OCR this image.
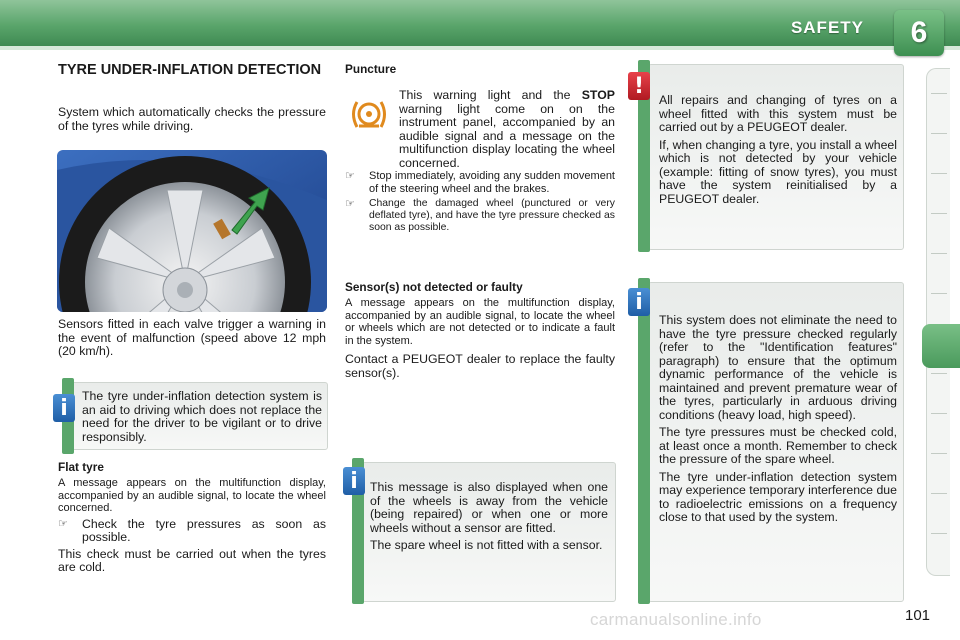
SAFETY 6
TYRE UNDER-INFLATION DETECTION
System which automatically checks the pressure of the tyres while driving.
Sensors fitted in each valve trigger a warning in the event of malfunction (speed above 12 mph (20 km/h).
i	The tyre under-inflation detection system is an aid to driving which does not replace the need for the driver to be vigilant or to drive responsibly.
Flat tyre
A message appears on the multifunction display, accompanied by an audible signal, to locate the wheel concerned.
☞	Check the tyre pressures as soon as possible.
This check must be carried out when the tyres are cold.
Puncture
This warning light and the STOP warning light come on on the instrument panel, accompanied by an audible signal and a message on the multifunction display locating the wheel concerned.
☞	Stop immediately, avoiding any sudden movement of the steering wheel and the brakes.
☞	Change the damaged wheel (punctured or very deflated tyre), and have the tyre pressure checked as soon as possible.
Sensor(s) not detected or faulty
A message appears on the multifunction display, accompanied by an audible signal, to locate the wheel or wheels which are not detected or to indicate a fault in the system.
Contact a PEUGEOT dealer to replace the faulty sensor(s).
i This message is also displayed when one of the wheels is away from the vehicle (being repaired) or when one or more wheels without a sensor are fitted.

The spare wheel is not fitted with a sensor.

!

All repairs and changing of tyres on a wheel fitted with this system must be carried out by a PEUGEOT dealer.

If, when changing a tyre, you install a wheel which is not detected by your vehicle (example: fitting of snow tyres), you must have the system reinitialised by a PEUGEOT dealer.

i

This system does not eliminate the need to have the tyre pressure checked regularly (refer to the "Identification features" paragraph) to ensure that the optimum dynamic performance of the vehicle is maintained and prevent premature wear of the tyres, particularly in arduous driving conditions (heavy load, high speed).

The tyre pressures must be checked cold, at least once a month. Remember to check the pressure of the spare wheel.

The tyre under-inflation detection system may experience temporary interference due to radioelectric emissions on a frequency close to that used by the system.

carmanualsonline.info	101
